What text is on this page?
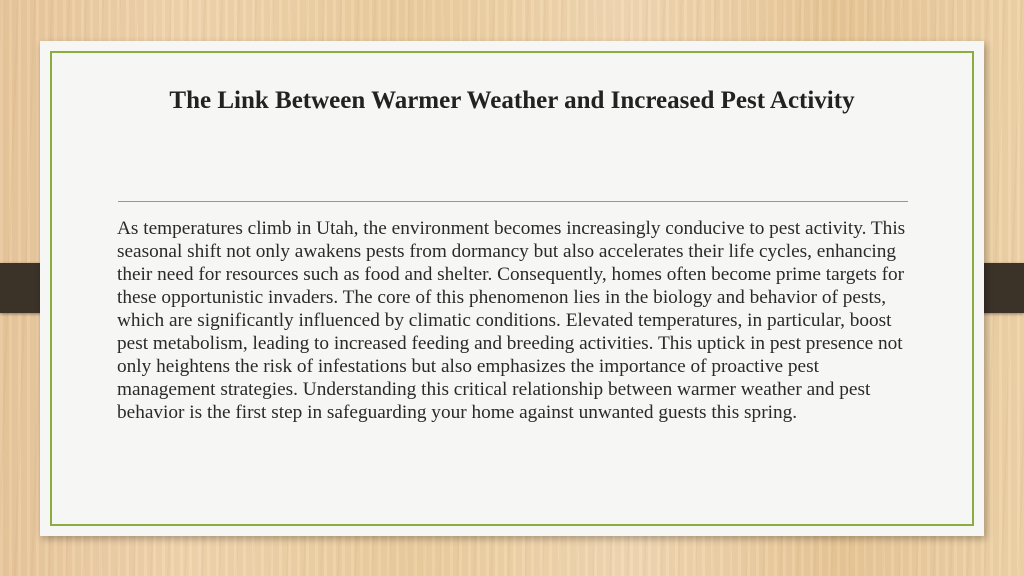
The Link Between Warmer Weather and Increased Pest Activity

As temperatures climb in Utah, the environment becomes increasingly conducive to pest activity. This seasonal shift not only awakens pests from dormancy but also accelerates their life cycles, enhancing their need for resources such as food and shelter. Consequently, homes often become prime targets for these opportunistic invaders. The core of this phenomenon lies in the biology and behavior of pests, which are significantly influenced by climatic conditions. Elevated temperatures, in particular, boost pest metabolism, leading to increased feeding and breeding activities. This uptick in pest presence not only heightens the risk of infestations but also emphasizes the importance of proactive pest management strategies. Understanding this critical relationship between warmer weather and pest behavior is the first step in safeguarding your home against unwanted guests this spring.
